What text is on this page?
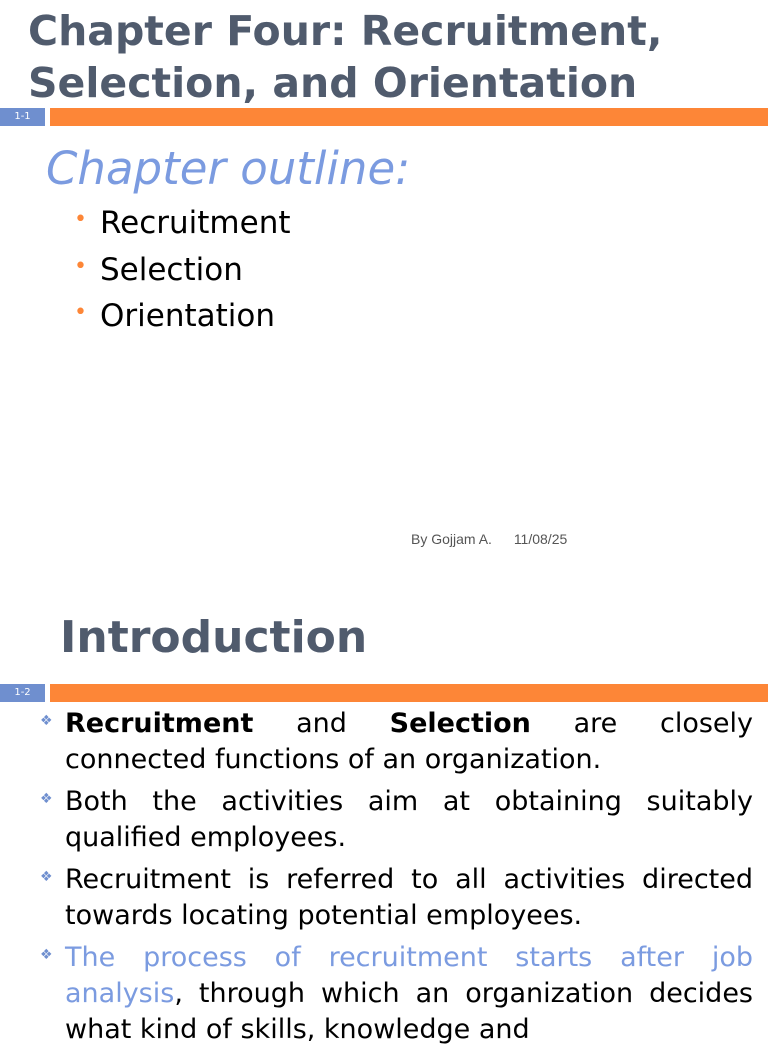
Chapter Four: Recruitment,
Selection, and Orientation
1-1
Chapter outline:
• Recruitment
• Selection
• Orientation
By Gojjam A. 11/08/25
Introduction
1-2
❖ Recruitment and Selection are closely connected functions of an organization.
❖ Both the activities aim at obtaining suitably qualified employees.
❖ Recruitment is referred to all activities directed towards locating potential employees.
❖ The process of recruitment starts after job analysis, through which an organization decides what kind of skills, knowledge and
